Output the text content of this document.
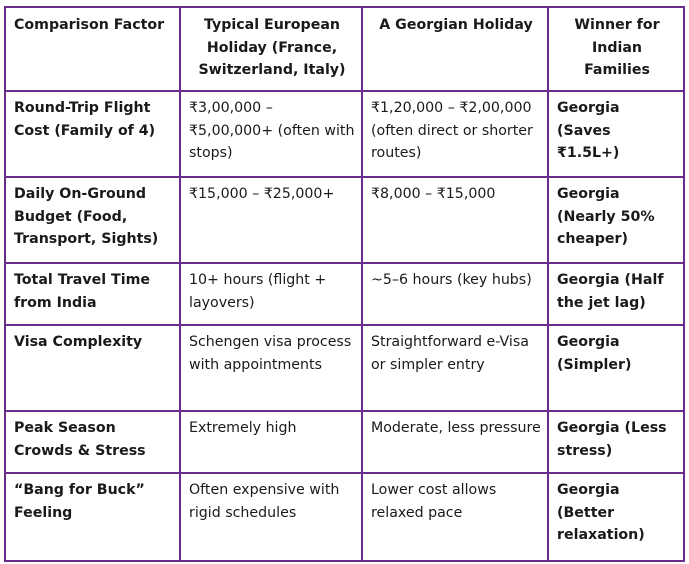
Comparison Factor	Typical European Holiday (France, Switzerland, Italy)	A Georgian Holiday	Winner for Indian Families
Round-Trip Flight Cost (Family of 4)	₹3,00,000 – ₹5,00,000+ (often with stops)	₹1,20,000 – ₹2,00,000 (often direct or shorter routes)	Georgia (Saves ₹1.5L+)
Daily On-Ground Budget (Food, Transport, Sights)	₹15,000 – ₹25,000+	₹8,000 – ₹15,000	Georgia (Nearly 50% cheaper)
Total Travel Time from India	10+ hours (flight + layovers)	~5–6 hours (key hubs)	Georgia (Half the jet lag)
Visa Complexity	Schengen visa process with appointments	Straightforward e-Visa or simpler entry	Georgia (Simpler)
Peak Season Crowds & Stress	Extremely high	Moderate, less pressure	Georgia (Less stress)
“Bang for Buck” Feeling	Often expensive with rigid schedules	Lower cost allows relaxed pace	Georgia (Better relaxation)
